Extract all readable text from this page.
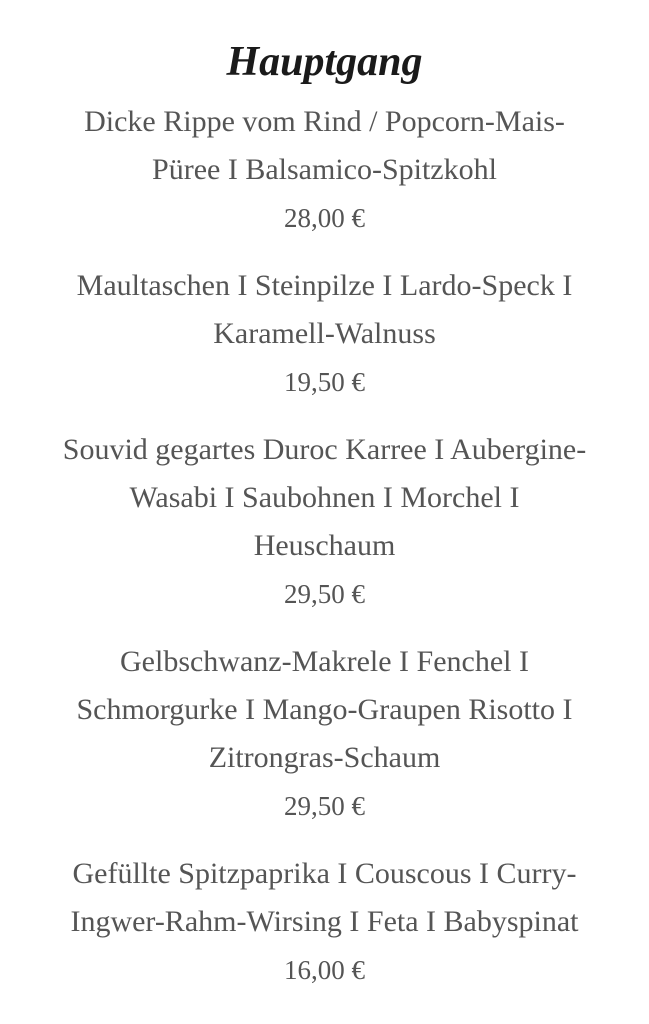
Hauptgang

Dicke Rippe vom Rind / Popcorn-Mais-
Püree I Balsamico-Spitzkohl

28,00 €

Maultaschen I Steinpilze I Lardo-Speck I
Karamell-Walnuss

19,50 €

Souvid gegartes Duroc Karree I Aubergine-
Wasabi I Saubohnen I Morchel I
Heuschaum

29,50 €

Gelbschwanz-Makrele I Fenchel I
Schmorgurke I Mango-Graupen Risotto I
Zitrongras-Schaum

29,50 €

Gefüllte Spitzpaprika I Couscous I Curry-
Ingwer-Rahm-Wirsing I Feta I Babyspinat

16,00 €
